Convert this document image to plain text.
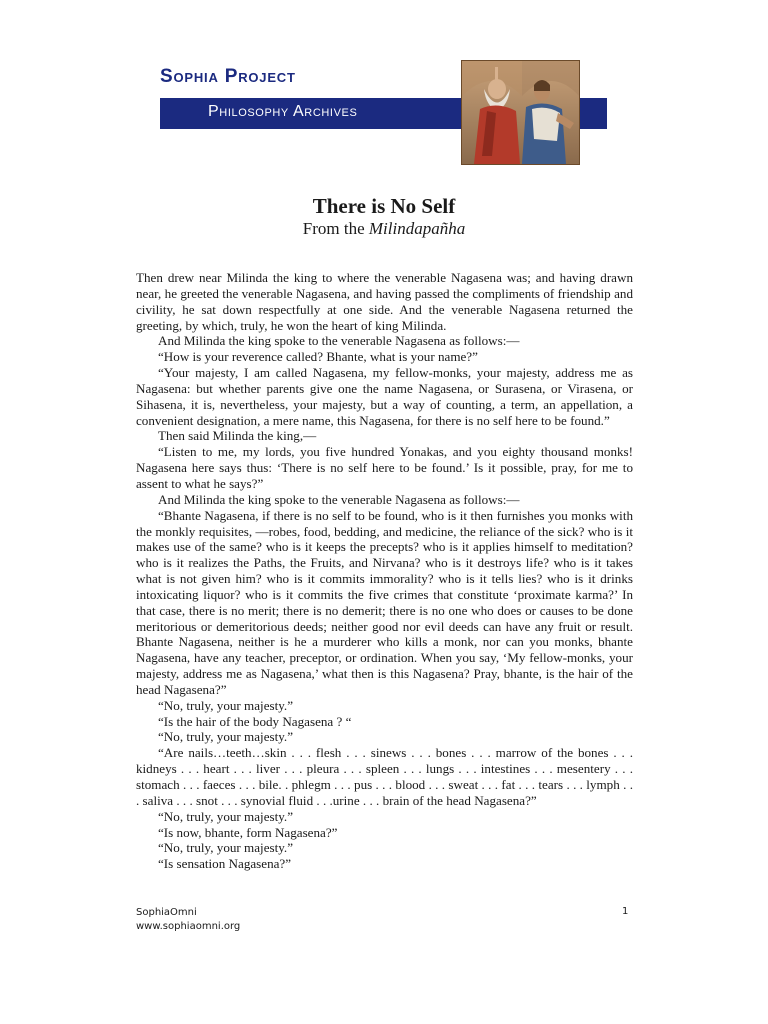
Sophia Project
Philosophy Archives
There is No Self
From the Milindapañha

Then drew near Milinda the king to where the venerable Nagasena was; and having drawn near, he greeted the venerable Nagasena, and having passed the compliments of friendship and civility, he sat down respectfully at one side. And the venerable Nagasena returned the greeting, by which, truly, he won the heart of king Milinda.

And Milinda the king spoke to the venerable Nagasena as follows:—

“How is your reverence called? Bhante, what is your name?”

“Your majesty, I am called Nagasena, my fellow-monks, your majesty, address me as Nagasena: but whether parents give one the name Nagasena, or Surasena, or Virasena, or Sihasena, it is, nevertheless, your majesty, but a way of counting, a term, an appellation, a convenient designation, a mere name, this Nagasena, for there is no self here to be found.”

Then said Milinda the king,—

“Listen to me, my lords, you five hundred Yonakas, and you eighty thousand monks! Nagasena here says thus: ‘There is no self here to be found.’ Is it possible, pray, for me to assent to what he says?”

And Milinda the king spoke to the venerable Nagasena as follows:—

“Bhante Nagasena, if there is no self to be found, who is it then furnishes you monks with the monkly requisites, —robes, food, bedding, and medicine, the reliance of the sick? who is it makes use of the same? who is it keeps the precepts? who is it applies himself to meditation? who is it realizes the Paths, the Fruits, and Nirvana? who is it destroys life? who is it takes what is not given him? who is it commits immorality? who is it tells lies? who is it drinks intoxicating liquor? who is it commits the five crimes that constitute ‘proximate karma?’ In that case, there is no merit; there is no demerit; there is no one who does or causes to be done meritorious or demeritorious deeds; neither good nor evil deeds can have any fruit or result. Bhante Nagasena, neither is he a murderer who kills a monk, nor can you monks, bhante Nagasena, have any teacher, preceptor, or ordination. When you say, ‘My fellow-monks, your majesty, address me as Nagasena,’ what then is this Nagasena? Pray, bhante, is the hair of the head Nagasena?”

“No, truly, your majesty.”

“Is the hair of the body Nagasena ? “

“No, truly, your majesty.”

“Are nails…teeth…skin . . . flesh . . . sinews . . . bones . . . marrow of the bones . . . kidneys . . . heart . . . liver . . . pleura . . . spleen . . . lungs . . . intestines . . . mesentery . . . stomach . . . faeces . . . bile. . phlegm . . . pus . . . blood . . . sweat . . . fat . . . tears . . . lymph . . . saliva . . . snot . . . synovial fluid . . .urine . . . brain of the head Nagasena?”

“No, truly, your majesty.”

“Is now, bhante, form Nagasena?”

“No, truly, your majesty.”

“Is sensation Nagasena?”

SophiaOmni
www.sophiaomni.org
1
